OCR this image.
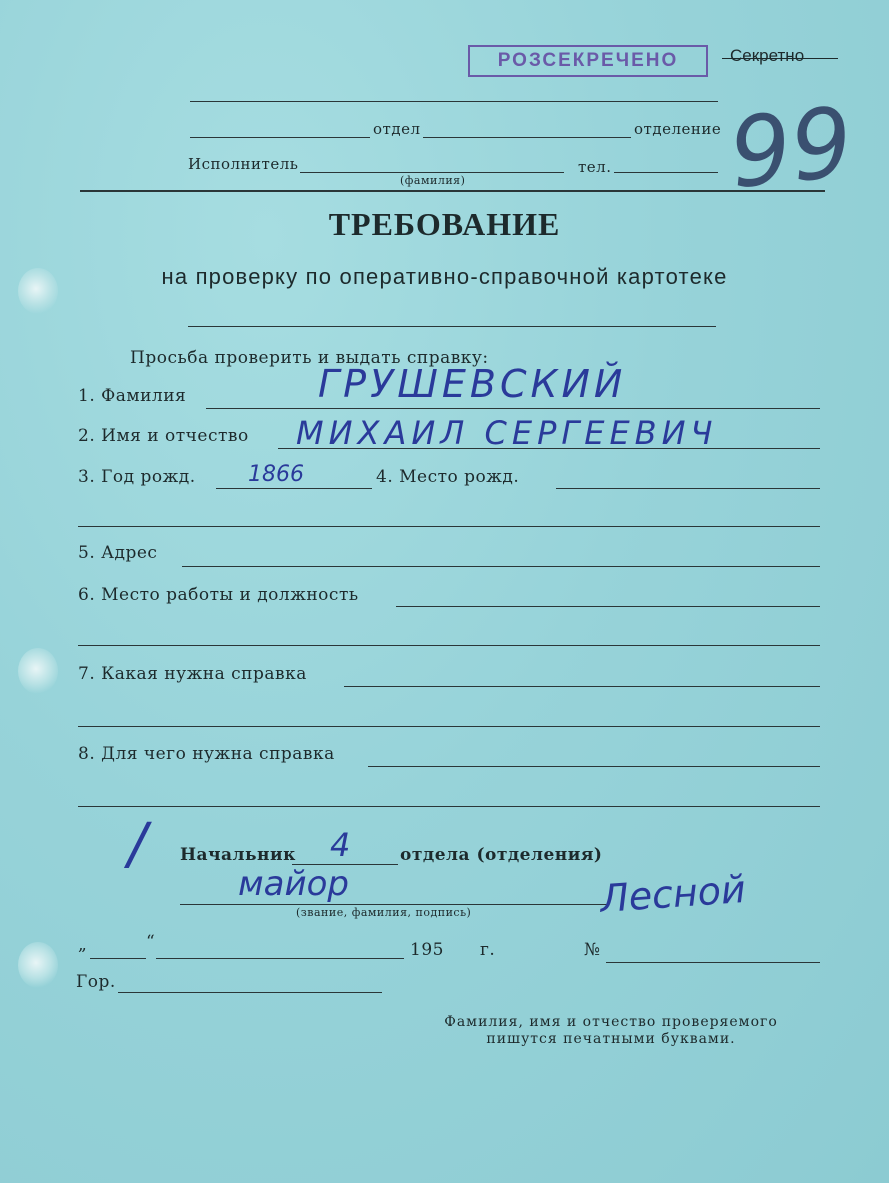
РОЗСЕКРЕЧЕНО	Секретно
отдел	отделение
Исполнитель
(фамилия)
тел. 99
ТРЕБОВАНИЕ
на проверку по оперативно-справочной картотеке
Просьба проверить и выдать справку:
1. Фамилия	ГРУШЕВСКИЙ
2. Имя и отчество МИХАИЛ СЕРГЕЕВИЧ
3. Год рожд. 1866	4. Место рожд.
5. Адрес
6. Место работы и должность
7. Какая нужна справка
8. Для чего нужна справка
/ Начальник 4	отдела (отделения)
майор
(звание, фамилия, подпись)	Лесной
„	“	195 г.	№
Гор.
Фамилия, имя и отчество проверяемого
пишутся печатными буквами.
